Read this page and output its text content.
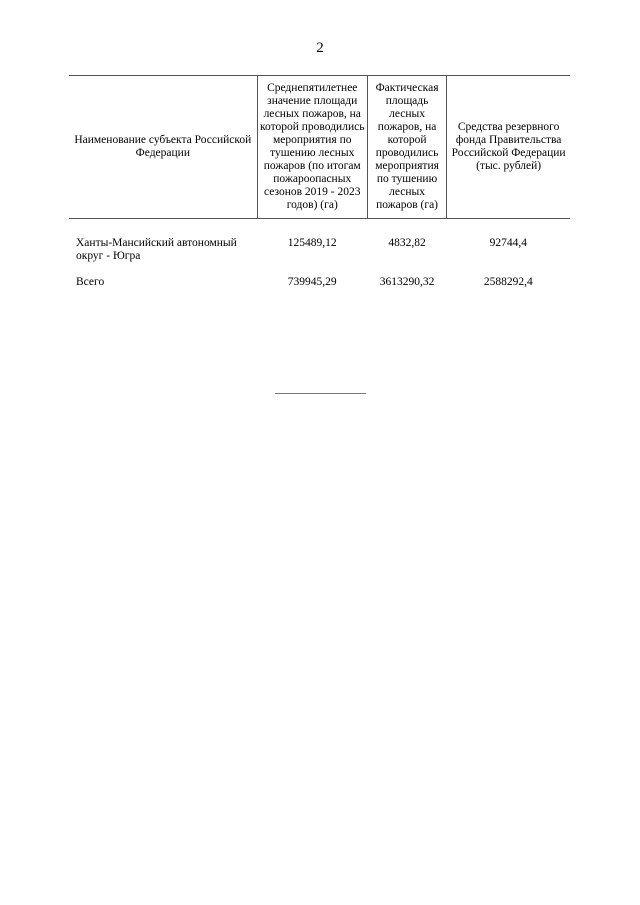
2
Наименование субъекта Российской Федерации	Среднепятилетнее значение площади лесных пожаров, на которой проводились мероприятия по тушению лесных пожаров (по итогам пожароопасных сезонов 2019 - 2023 годов) (га)	Фактическая площадь лесных пожаров, на которой проводились мероприятия по тушению лесных пожаров (га)	Средства резервного фонда Правительства Российской Федерации (тыс. рублей)
Ханты-Мансийский автономный округ - Югра	125489,12	4832,82	92744,4
Всего	739945,29	3613290,32	2588292,4
